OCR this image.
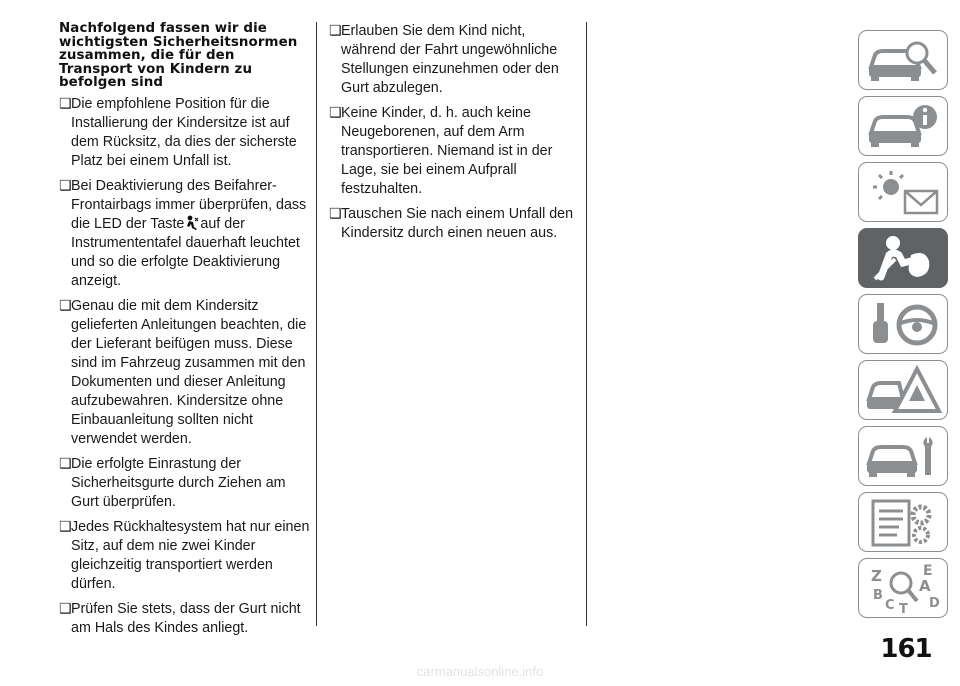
Nachfolgend fassen wir die wichtigsten Sicherheitsnormen zusammen, die für den Transport von Kindern zu befolgen sind
❑ Die empfohlene Position für die Installierung der Kindersitze ist auf dem Rücksitz, da dies der sicherste Platz bei einem Unfall ist.
❑ Bei Deaktivierung des Beifahrer-Frontairbags immer überprüfen, dass die LED der Taste auf der Instrumententafel dauerhaft leuchtet und so die erfolgte Deaktivierung anzeigt.
❑ Genau die mit dem Kindersitz gelieferten Anleitungen beachten, die der Lieferant beifügen muss. Diese sind im Fahrzeug zusammen mit den Dokumenten und dieser Anleitung aufzubewahren. Kindersitze ohne Einbauanleitung sollten nicht verwendet werden.
❑ Die erfolgte Einrastung der Sicherheitsgurte durch Ziehen am Gurt überprüfen.
❑ Jedes Rückhaltesystem hat nur einen Sitz, auf dem nie zwei Kinder gleichzeitig transportiert werden dürfen.
❑ Prüfen Sie stets, dass der Gurt nicht am Hals des Kindes anliegt.
❑ Erlauben Sie dem Kind nicht, während der Fahrt ungewöhnliche Stellungen einzunehmen oder den Gurt abzulegen.
❑ Keine Kinder, d. h. auch keine Neugeborenen, auf dem Arm transportieren. Niemand ist in der Lage, sie bei einem Aufprall festzuhalten.
❑ Tauschen Sie nach einem Unfall den Kindersitz durch einen neuen aus.
Z	E
A
B
C T D
161
carmanualsonline.info
